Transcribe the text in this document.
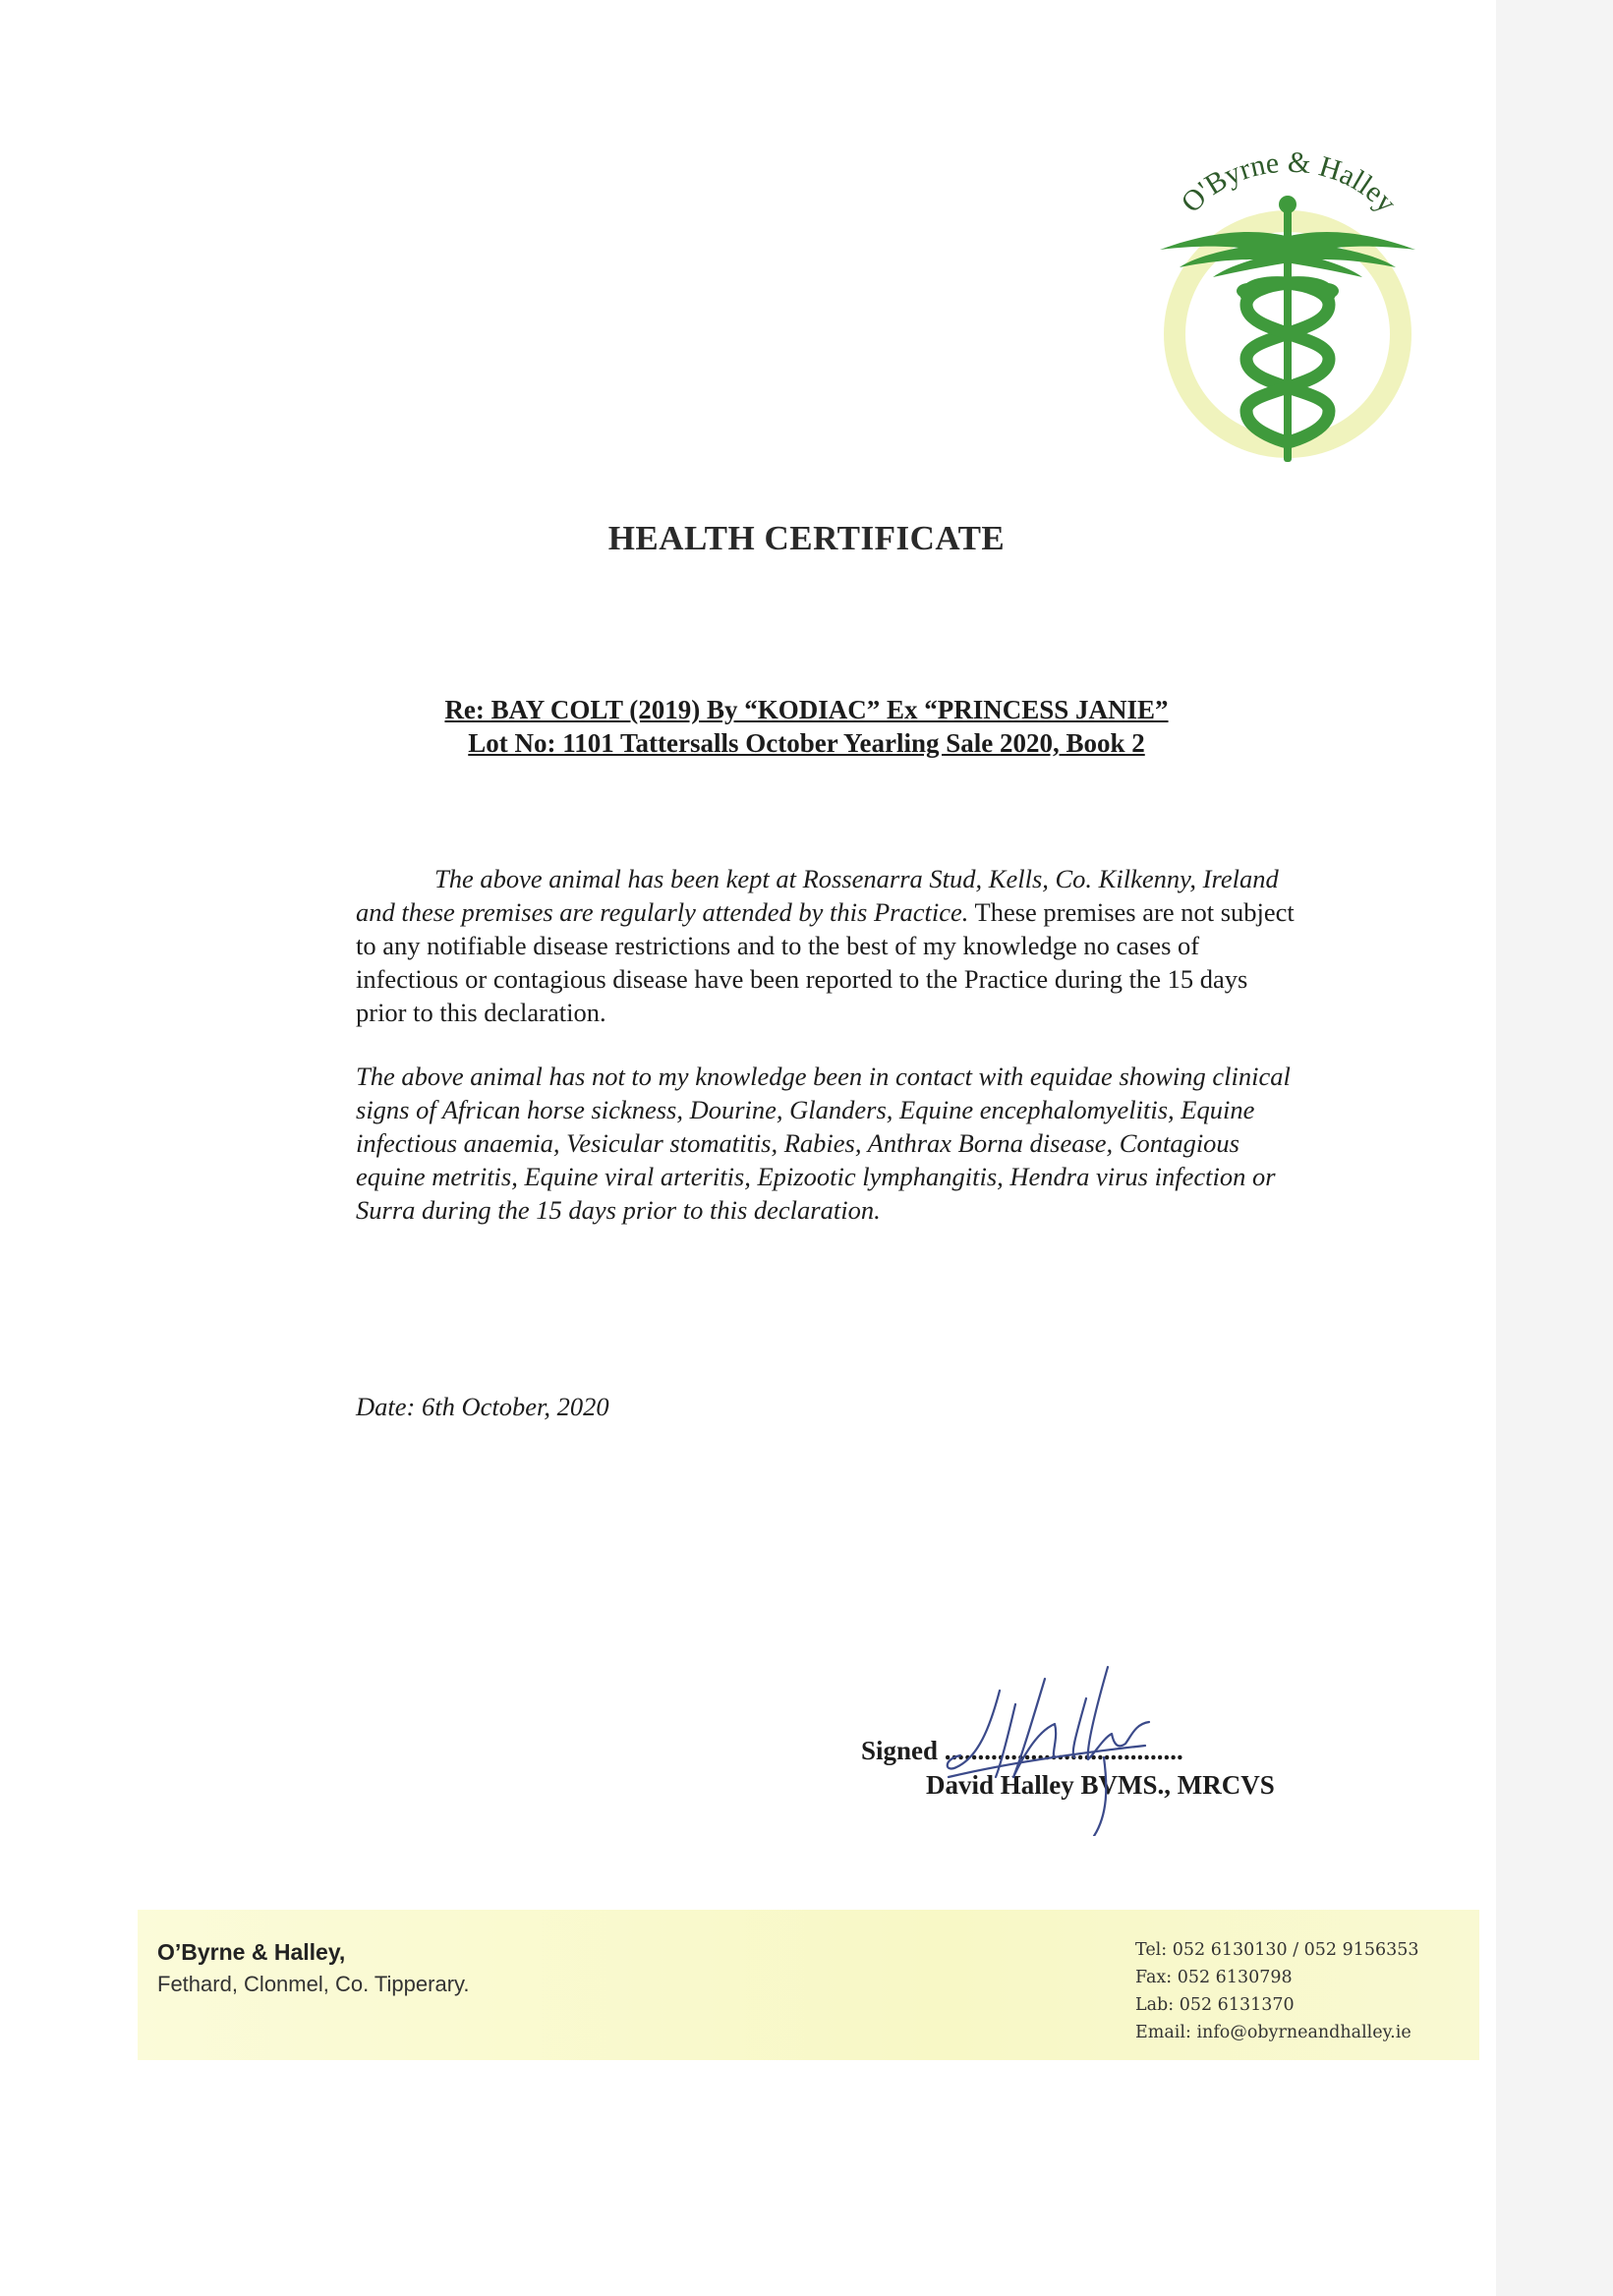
O'Byrne & Halley
HEALTH CERTIFICATE
Re: BAY COLT (2019) By “KODIAC” Ex “PRINCESS JANIE”
Lot No: 1101 Tattersalls October Yearling Sale 2020, Book 2

The above animal has been kept at Rossenarra Stud, Kells, Co. Kilkenny, Ireland and these premises are regularly attended by this Practice. These premises are not subject to any notifiable disease restrictions and to the best of my knowledge no cases of infectious or contagious disease have been reported to the Practice during the 15 days prior to this declaration.

The above animal has not to my knowledge been in contact with equidae showing clinical signs of African horse sickness, Dourine, Glanders, Equine encephalomyelitis, Equine infectious anaemia, Vesicular stomatitis, Rabies, Anthrax Borna disease, Contagious equine metritis, Equine viral arteritis, Epizootic lymphangitis, Hendra virus infection or Surra during the 15 days prior to this declaration.

Date: 6th October, 2020
Signed ....................................
David Halley BVMS., MRCVS
O’Byrne & Halley,
Fethard, Clonmel, Co. Tipperary.
Tel: 052 6130130 / 052 9156353
Fax: 052 6130798
Lab: 052 6131370
Email: info@obyrneandhalley.ie
